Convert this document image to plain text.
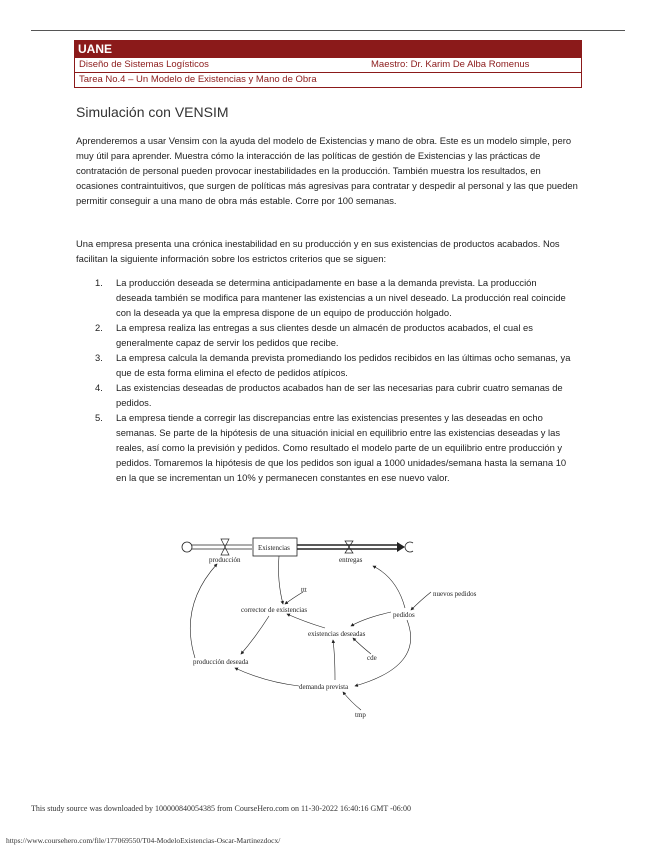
UANE
Diseño de Sistemas Logísticos	Maestro: Dr. Karim De Alba Romenus
Tarea No.4 – Un Modelo de Existencias y Mano de Obra
Simulación con VENSIM
Aprenderemos a usar Vensim con la ayuda del modelo de Existencias y mano de obra. Este es un modelo simple, pero muy útil para aprender. Muestra cómo la interacción de las políticas de gestión de Existencias y las prácticas de contratación de personal pueden provocar inestabilidades en la producción. También muestra los resultados, en ocasiones contraintuitivos, que surgen de políticas más agresivas para contratar y despedir al personal y las que pueden permitir conseguir a una mano de obra más estable. Corre por 100 semanas.
Una empresa presenta una crónica inestabilidad en su producción y en sus existencias de productos acabados. Nos facilitan la siguiente información sobre los estrictos criterios que se siguen:
1. La producción deseada se determina anticipadamente en base a la demanda prevista. La producción deseada también se modifica para mantener las existencias a un nivel deseado. La producción real coincide con la deseada ya que la empresa dispone de un equipo de producción holgado.
2. La empresa realiza las entregas a sus clientes desde un almacén de productos acabados, el cual es generalmente capaz de servir los pedidos que recibe.
3. La empresa calcula la demanda prevista promediando los pedidos recibidos en las últimas ocho semanas, ya que de esta forma elimina el efecto de pedidos atípicos.
4. Las existencias deseadas de productos acabados han de ser las necesarias para cubrir cuatro semanas de pedidos.
5. La empresa tiende a corregir las discrepancias entre las existencias presentes y las deseadas en ocho semanas. Se parte de la hipótesis de una situación inicial en equilibrio entre las existencias deseadas y las reales, así como la previsión y pedidos. Como resultado el modelo parte de un equilibrio entre producción y pedidos. Tomaremos la hipótesis de que los pedidos son igual a 1000 unidades/semana hasta la semana 10 en la que se incrementan un 10% y permanecen constantes en ese nuevo valor.
producción
Existencias
entregas
corrector de existencias
ttt
existencias deseadas
cde
pedidos
nuevos pedidos
producción deseada
demanda prevista
tmp
This study source was downloaded by 100000840054385 from CourseHero.com on 11-30-2022 16:40:16 GMT -06:00
https://www.coursehero.com/file/177069550/T04-ModeloExistencias-Oscar-Martinezdocx/
